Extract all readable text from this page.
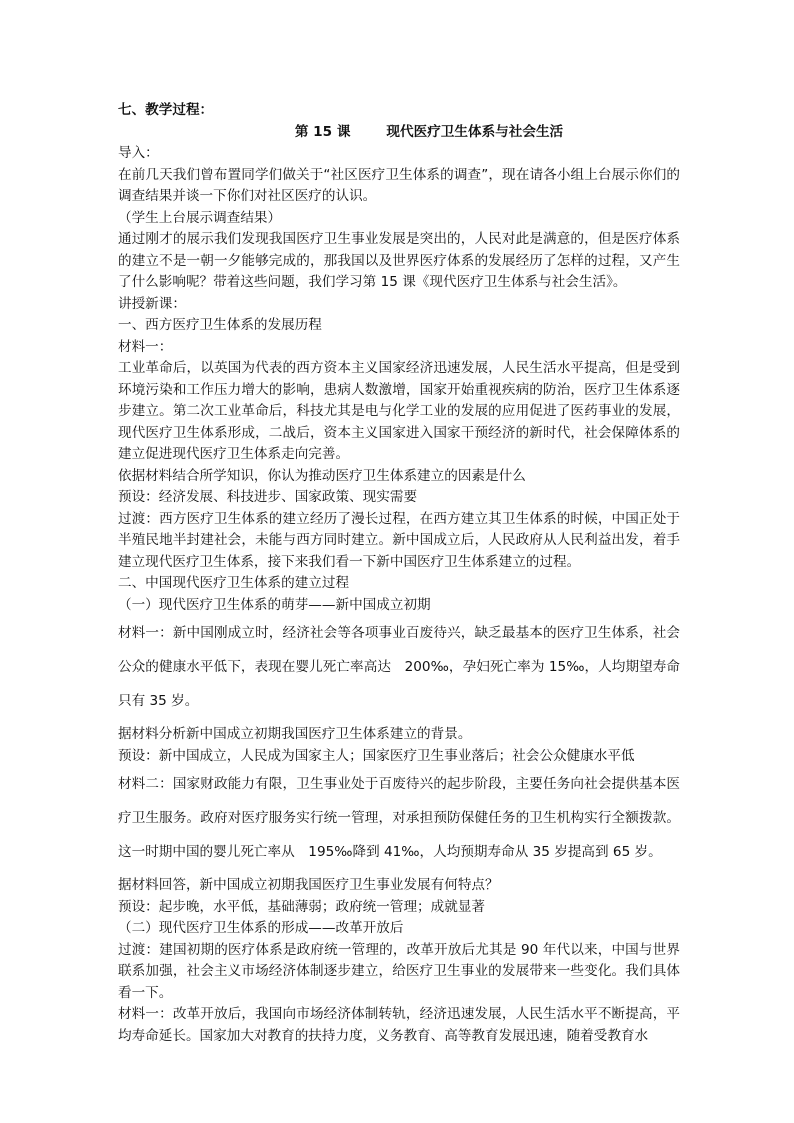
七、教学过程：

第 15 课	现代医疗卫生体系与社会生活

导入：

在前几天我们曾布置同学们做关于“社区医疗卫生体系的调查”，现在请各小组上台展示你们的调查结果并谈一下你们对社区医疗的认识。

（学生上台展示调查结果）

通过刚才的展示我们发现我国医疗卫生事业发展是突出的，人民对此是满意的，但是医疗体系的建立不是一朝一夕能够完成的，那我国以及世界医疗体系的发展经历了怎样的过程，又产生了什么影响呢？带着这些问题，我们学习第 15 课《现代医疗卫生体系与社会生活》。

讲授新课：

一、西方医疗卫生体系的发展历程

材料一：

工业革命后，以英国为代表的西方资本主义国家经济迅速发展，人民生活水平提高，但是受到环境污染和工作压力增大的影响，患病人数激增，国家开始重视疾病的防治，医疗卫生体系逐步建立。第二次工业革命后，科技尤其是电与化学工业的发展的应用促进了医药事业的发展，现代医疗卫生体系形成，二战后，资本主义国家进入国家干预经济的新时代，社会保障体系的建立促进现代医疗卫生体系走向完善。

依据材料结合所学知识，你认为推动医疗卫生体系建立的因素是什么

预设：经济发展、科技进步、国家政策、现实需要

过渡：西方医疗卫生体系的建立经历了漫长过程，在西方建立其卫生体系的时候，中国正处于半殖民地半封建社会，未能与西方同时建立。新中国成立后，人民政府从人民利益出发，着手建立现代医疗卫生体系，接下来我们看一下新中国医疗卫生体系建立的过程。

二、中国现代医疗卫生体系的建立过程

（一）现代医疗卫生体系的萌芽——新中国成立初期

材料一：新中国刚成立时，经济社会等各项事业百废待兴，缺乏最基本的医疗卫生体系，社会公众的健康水平低下，表现在婴儿死亡率高达　200‰，孕妇死亡率为 15‰，人均期望寿命只有 35 岁。

据材料分析新中国成立初期我国医疗卫生体系建立的背景。

预设：新中国成立，人民成为国家主人；国家医疗卫生事业落后；社会公众健康水平低

材料二：国家财政能力有限，卫生事业处于百废待兴的起步阶段，主要任务向社会提供基本医疗卫生服务。政府对医疗服务实行统一管理，对承担预防保健任务的卫生机构实行全额拨款。这一时期中国的婴儿死亡率从　195‰降到 41‰，人均预期寿命从 35 岁提高到 65 岁。

据材料回答，新中国成立初期我国医疗卫生事业发展有何特点？

预设：起步晚，水平低，基础薄弱；政府统一管理；成就显著

（二）现代医疗卫生体系的形成——改革开放后

过渡：建国初期的医疗体系是政府统一管理的，改革开放后尤其是 90 年代以来，中国与世界联系加强，社会主义市场经济体制逐步建立，给医疗卫生事业的发展带来一些变化。我们具体看一下。

材料一：改革开放后，我国向市场经济体制转轨，经济迅速发展，人民生活水平不断提高，平均寿命延长。国家加大对教育的扶持力度，义务教育、高等教育发展迅速，随着受教育水
